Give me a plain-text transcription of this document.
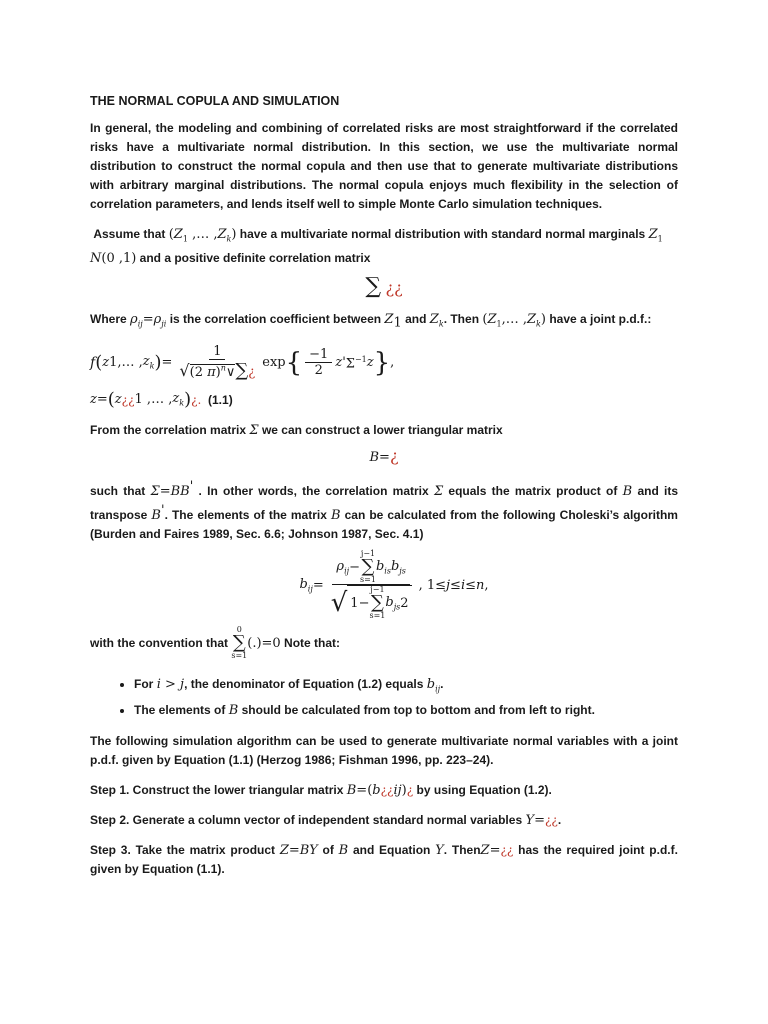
THE NORMAL COPULA AND SIMULATION

In general, the modeling and combining of correlated risks are most straightforward if the correlated risks have a multivariate normal distribution. In this section, we use the multivariate normal distribution to construct the normal copula and then use that to generate multivariate distributions with arbitrary marginal distributions. The normal copula enjoys much flexibility in the selection of correlation parameters, and lends itself well to simple Monte Carlo simulation techniques.

Assume that ($Z_1$ ,… $,Z_k$) have a multivariate normal distribution with standard normal marginals $Z_1$
N(0 ,1) and a positive definite correlation matrix

∑ ¿¿

Where $\rho_{ij}=\rho_{ji}$ is the correlation coefficient between $Z_1$ and $Z_k$. Then ($Z_1,\dots$ $,Z_k$) have a joint p.d.f.:

f ( z 1 ,… , $z_k$ ) = $\frac{1}{√(2 \pi)^n\vee\sum¿}$ exp { $\frac{-1}{2}$ z ' $\Sigma^{-1}$ z } ,
z = ( z ¿¿ 1 ,… , $z_k$ ) ¿.
(1.1)

From the correlation matrix Σ we can construct a lower triangular matrix

B=¿

such that Σ=BB' . In other words, the correlation matrix Σ equals the matrix product of B and its transpose B'. The elements of the matrix B can be calculated from the following Choleski’s algorithm (Burden and Faires 1989, Sec. 6.6; Johnson 1987, Sec. 4.1)

$b_{ij} = \rho_{ij}$ −
j−1
∑
s=1
$b_{is}b_{js}$
√ 1−
j−1
∑
s=1
$b_{js}$ 2 , 1≤ j ≤ i ≤ n ,

with the convention that

0
∑
s=1
(.)=0
Note that:

• For i > j, the denominator of Equation (1.2) equals $b_{ij}$.
• The elements of B should be calculated from top to bottom and from left to right.

The following simulation algorithm can be used to generate multivariate normal variables with a joint p.d.f. given by Equation (1.1) (Herzog 1986; Fishman 1996, pp. 223–24).

Step 1. Construct the lower triangular matrix B=(b¿¿ij)¿ by using Equation (1.2).

Step 2. Generate a column vector of independent standard normal variables Y=¿¿.

Step 3. Take the matrix product Z=BY of B and Equation Y. ThenZ=¿¿ has the required joint p.d.f. given by Equation (1.1).
